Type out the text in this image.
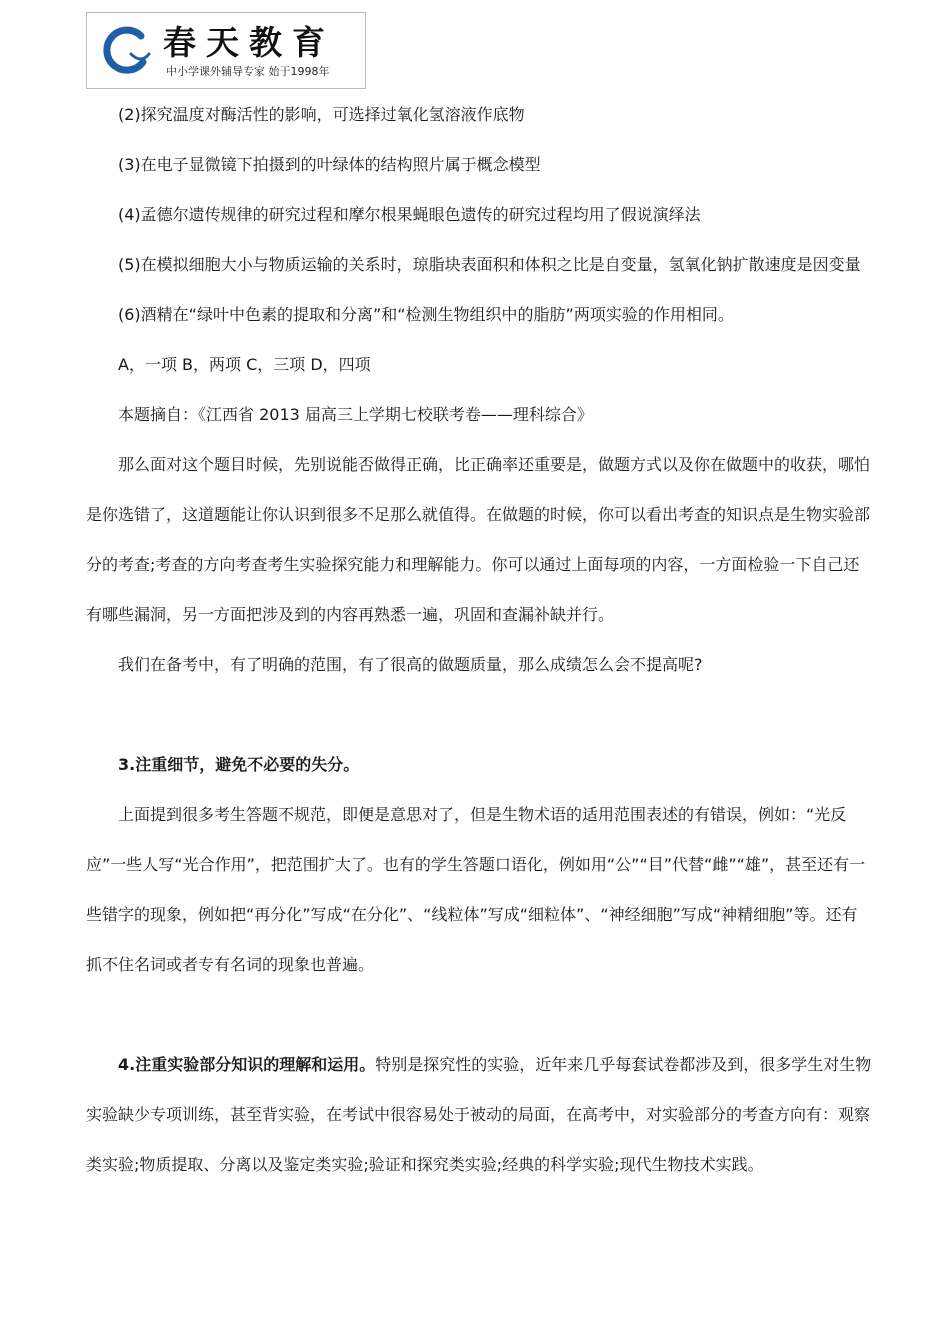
春天教育
中小学课外辅导专家 始于1998年

(2)探究温度对酶活性的影响，可选择过氧化氢溶液作底物

(3)在电子显微镜下拍摄到的叶绿体的结构照片属于概念模型

(4)孟德尔遗传规律的研究过程和摩尔根果蝇眼色遗传的研究过程均用了假说演绎法

(5)在模拟细胞大小与物质运输的关系时，琼脂块表面积和体积之比是自变量，氢氧化钠扩散速度是因变量

(6)酒精在“绿叶中色素的提取和分离”和“检测生物组织中的脂肪”两项实验的作用相同。

A，一项 B，两项 C，三项 D，四项

本题摘自：《江西省 2013 届高三上学期七校联考卷——理科综合》

那么面对这个题目时候，先别说能否做得正确，比正确率还重要是，做题方式以及你在做题中的收获，哪怕是你选错了，这道题能让你认识到很多不足那么就值得。在做题的时候，你可以看出考查的知识点是生物实验部分的考查;考查的方向考查考生实验探究能力和理解能力。你可以通过上面每项的内容，一方面检验一下自己还有哪些漏洞，另一方面把涉及到的内容再熟悉一遍，巩固和查漏补缺并行。

我们在备考中，有了明确的范围，有了很高的做题质量，那么成绩怎么会不提高呢?

3.注重细节，避免不必要的失分。

上面提到很多考生答题不规范，即便是意思对了，但是生物术语的适用范围表述的有错误，例如：“光反应”一些人写“光合作用”，把范围扩大了。也有的学生答题口语化，例如用“公”“目”代替“雌”“雄”，甚至还有一些错字的现象，例如把“再分化”写成“在分化”、“线粒体”写成“细粒体”、“神经细胞”写成“神精细胞”等。还有抓不住名词或者专有名词的现象也普遍。

4.注重实验部分知识的理解和运用。特别是探究性的实验，近年来几乎每套试卷都涉及到，很多学生对生物实验缺少专项训练，甚至背实验，在考试中很容易处于被动的局面，在高考中，对实验部分的考查方向有：观察类实验;物质提取、分离以及鉴定类实验;验证和探究类实验;经典的科学实验;现代生物技术实践。
